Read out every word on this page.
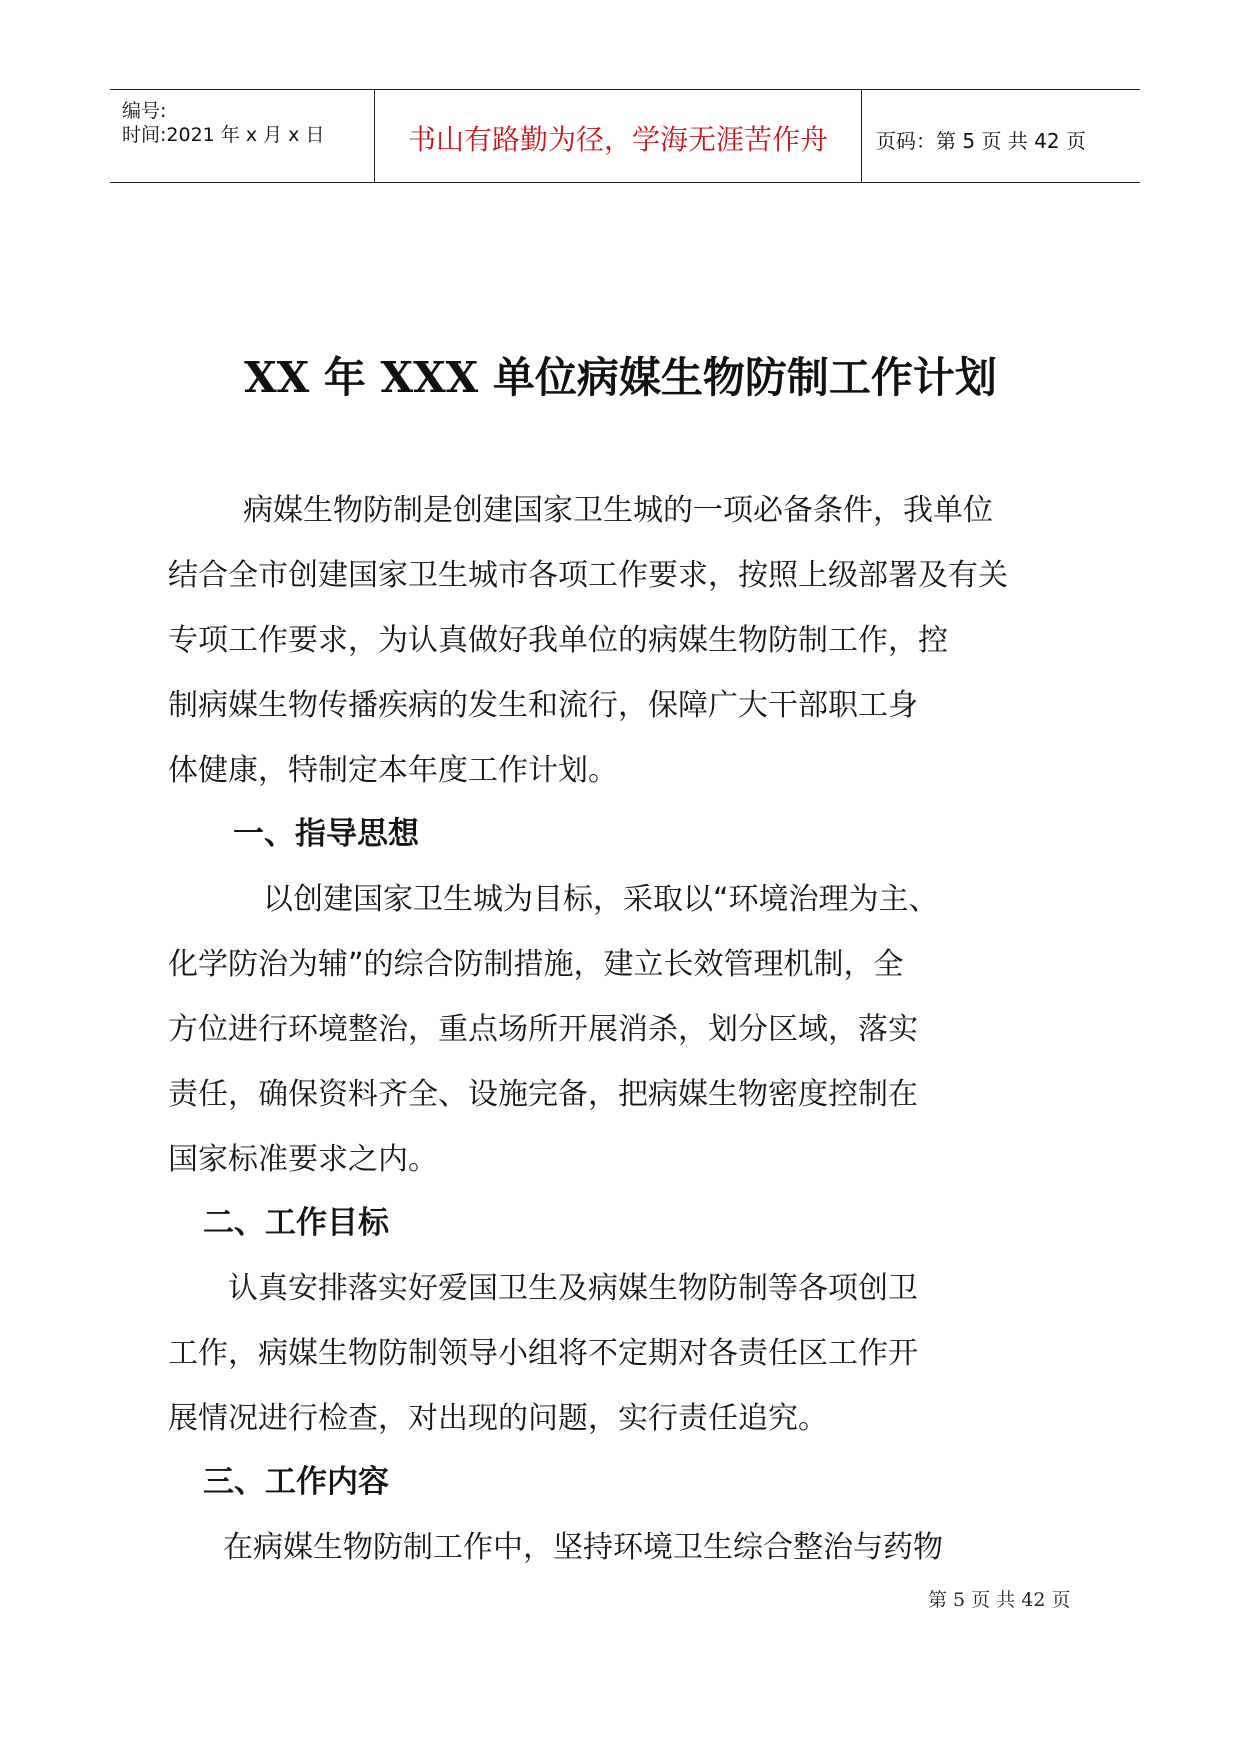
编号:
时间:2021 年 x 月 x 日	书山有路勤为径，学海无涯苦作舟	页码：第 5 页 共 42 页
XX 年 XXX 单位病媒生物防制工作计划
病媒生物防制是创建国家卫生城的一项必备条件，我单位
结合全市创建国家卫生城市各项工作要求，按照上级部署及有关
专项工作要求，为认真做好我单位的病媒生物防制工作，控
制病媒生物传播疾病的发生和流行，保障广大干部职工身
体健康，特制定本年度工作计划。
一、指导思想
以创建国家卫生城为目标，采取以“环境治理为主、
化学防治为辅”的综合防制措施，建立长效管理机制，全
方位进行环境整治，重点场所开展消杀，划分区域，落实
责任，确保资料齐全、设施完备，把病媒生物密度控制在
国家标准要求之内。
二、工作目标
认真安排落实好爱国卫生及病媒生物防制等各项创卫
工作，病媒生物防制领导小组将不定期对各责任区工作开
展情况进行检查，对出现的问题，实行责任追究。
三、工作内容
在病媒生物防制工作中，坚持环境卫生综合整治与药物
第 5 页 共 42 页
